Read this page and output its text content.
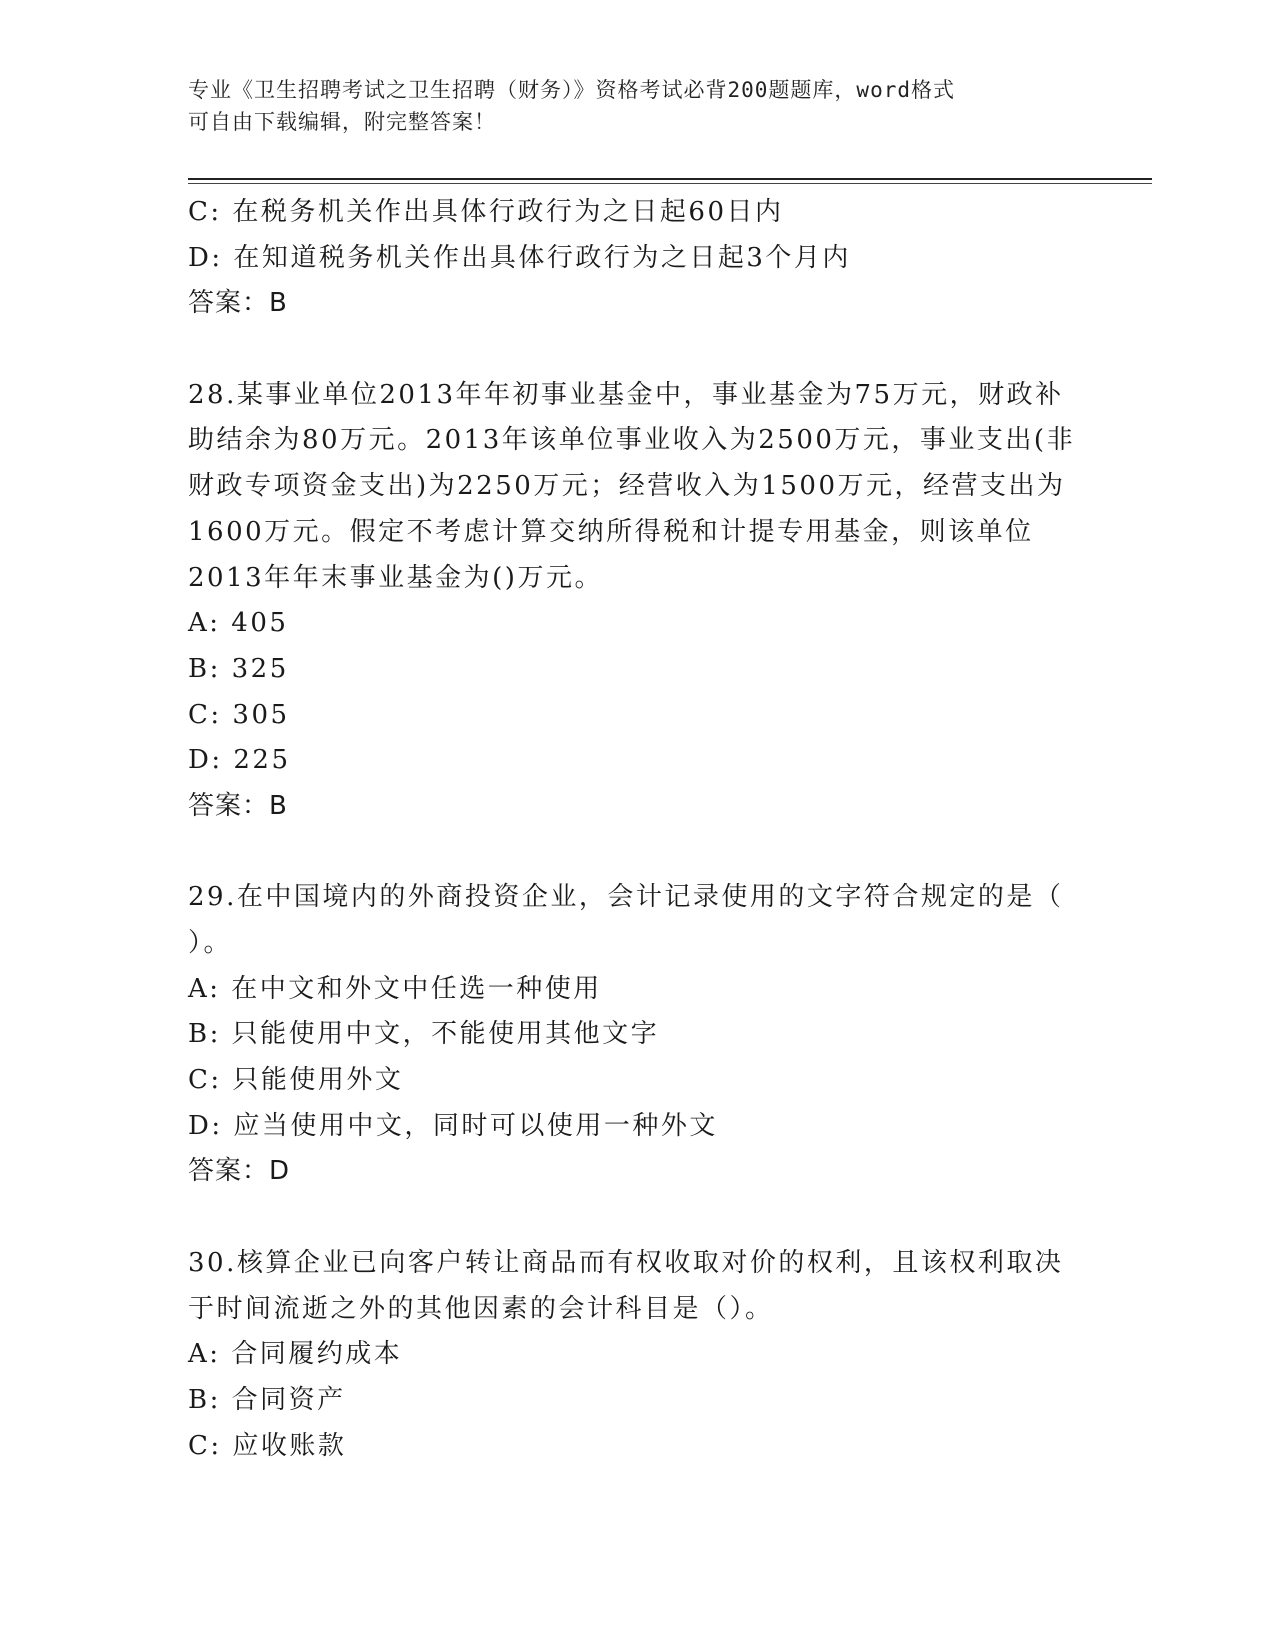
专业《卫生招聘考试之卫生招聘（财务）》资格考试必背200题题库，word格式
可自由下载编辑，附完整答案！
C: 在税务机关作出具体行政行为之日起60日内
D: 在知道税务机关作出具体行政行为之日起3个月内
答案：B
28.某事业单位2013年年初事业基金中，事业基金为75万元，财政补
助结余为80万元。2013年该单位事业收入为2500万元，事业支出(非
财政专项资金支出)为2250万元；经营收入为1500万元，经营支出为
1600万元。假定不考虑计算交纳所得税和计提专用基金，则该单位
2013年年末事业基金为()万元。
A: 405
B: 325
C: 305
D: 225
答案：B
29.在中国境内的外商投资企业，会计记录使用的文字符合规定的是（
）。
A: 在中文和外文中任选一种使用
B: 只能使用中文，不能使用其他文字
C: 只能使用外文
D: 应当使用中文，同时可以使用一种外文
答案：D
30.核算企业已向客户转让商品而有权收取对价的权利，且该权利取决
于时间流逝之外的其他因素的会计科目是（）。
A: 合同履约成本
B: 合同资产
C: 应收账款
